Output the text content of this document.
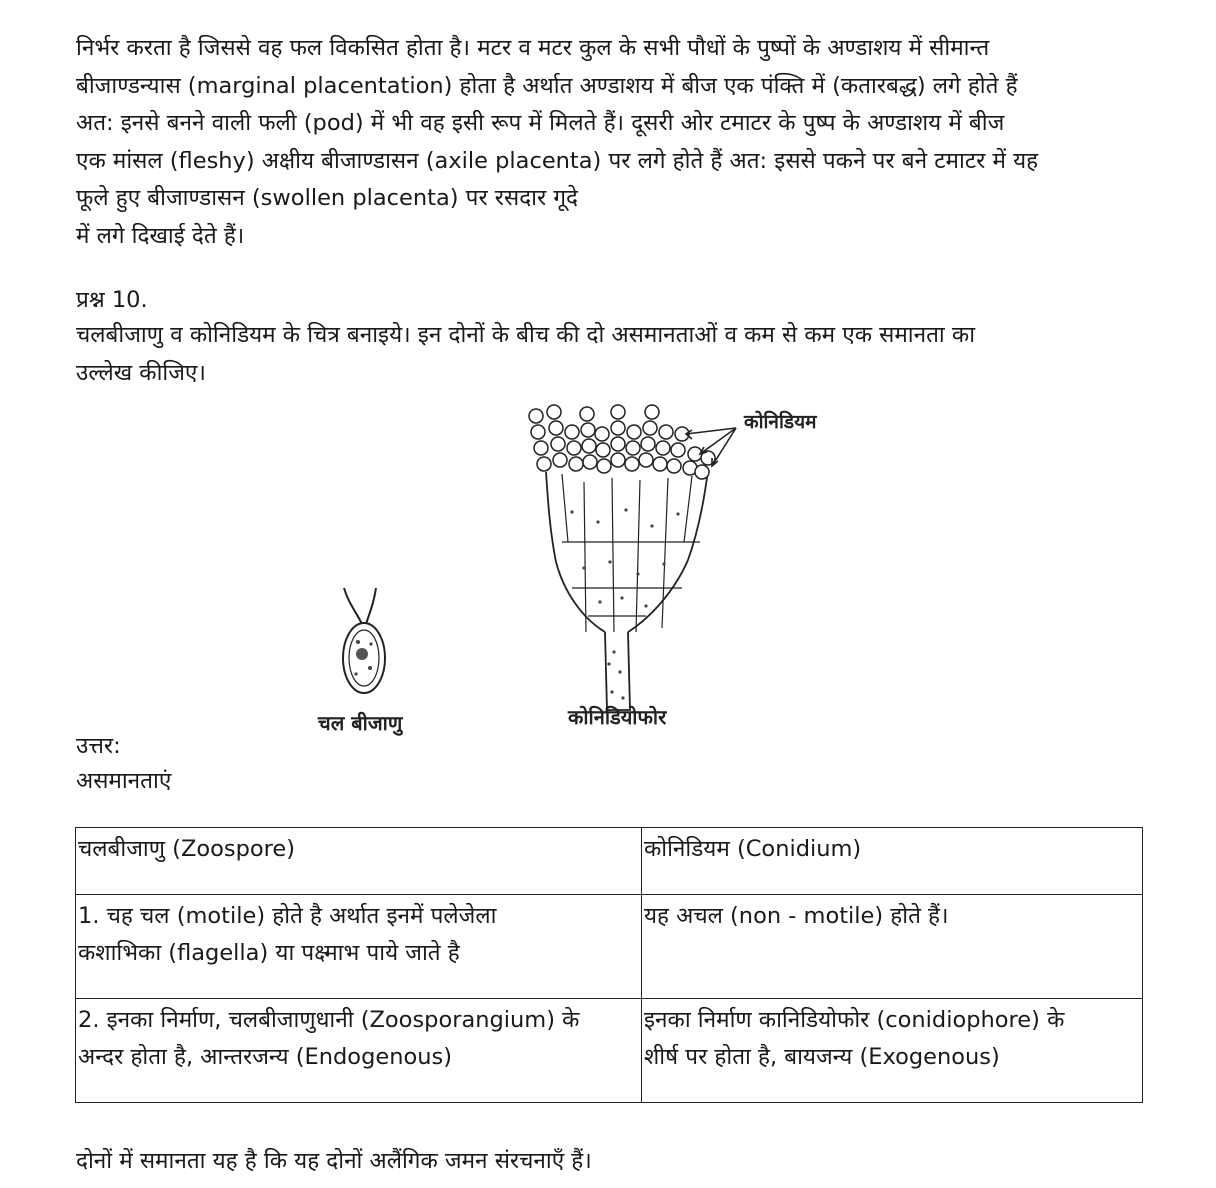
निर्भर करता है जिससे वह फल विकसित होता है। मटर व मटर कुल के सभी पौधों के पुष्पों के अण्डाशय में सीमान्त
बीजाण्डन्यास (marginal placentation) होता है अर्थात अण्डाशय में बीज एक पंक्ति में (कतारबद्ध) लगे होते हैं
अत: इनसे बनने वाली फली (pod) में भी वह इसी रूप में मिलते हैं। दूसरी ओर टमाटर के पुष्प के अण्डाशय में बीज
एक मांसल (fleshy) अक्षीय बीजाण्डासन (axile placenta) पर लगे होते हैं अत: इससे पकने पर बने टमाटर में यह
फूले हुए बीजाण्डासन (swollen placenta) पर रसदार गूदे
में लगे दिखाई देते हैं।

प्रश्न 10.

चलबीजाणु व कोनिडियम के चित्र बनाइये। इन दोनों के बीच की दो असमानताओं व कम से कम एक समानता का
उल्लेख कीजिए।
चल बीजाणु
कोनिडियम
कोनिडियोफोर

उत्तर:

असमानताएं

चलबीजाणु (Zoospore)	कोनिडियम (Conidium)

1. चह चल (motile) होते है अर्थात इनमें पलेजेला
कशाभिका (flagella) या पक्ष्माभ पाये जाते है	यह अचल (non - motile) होते हैं।

2. इनका निर्माण, चलबीजाणुधानी (Zoosporangium) के
अन्दर होता है, आन्तरजन्य (Endogenous)	इनका निर्माण कानिडियोफोर (conidiophore) के
शीर्ष पर होता है, बायजन्य (Exogenous)

दोनों में समानता यह है कि यह दोनों अलैंगिक जमन संरचनाएँ हैं।
